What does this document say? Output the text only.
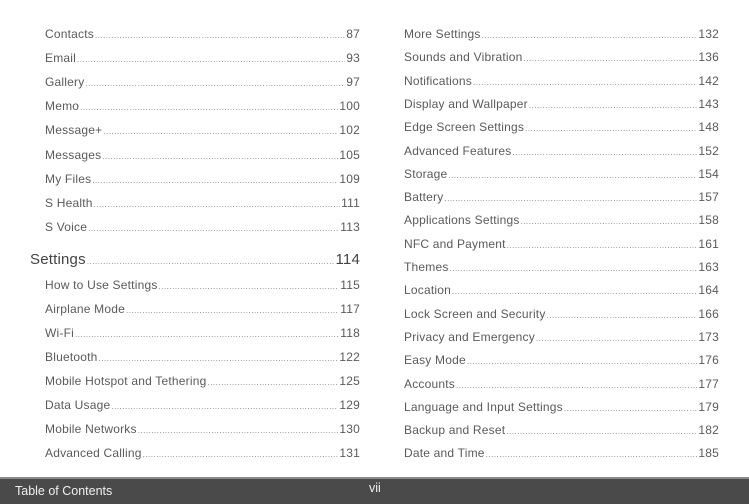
Contacts .....	87
Email .....	93
Gallery .....	97
Memo .....	100
Message+ .....	102
Messages .....	105
My Files .....	109
S Health .....	111
S Voice .....	113
Settings .....	114
How to Use Settings .....	115
Airplane Mode .....	117
Wi-Fi .....	118
Bluetooth .....	122
Mobile Hotspot and Tethering .....	125
Data Usage .....	129
Mobile Networks .....	130
Advanced Calling .....	131
More Settings .....	132
Sounds and Vibration .....	136
Notifications .....	142
Display and Wallpaper .....	143
Edge Screen Settings .....	148
Advanced Features .....	152
Storage .....	154
Battery .....	157
Applications Settings .....	158
NFC and Payment .....	161
Themes .....	163
Location .....	164
Lock Screen and Security .....	166
Privacy and Emergency .....	173
Easy Mode .....	176
Accounts .....	177
Language and Input Settings .....	179
Backup and Reset .....	182
Date and Time .....	185
Table of Contents	vii
